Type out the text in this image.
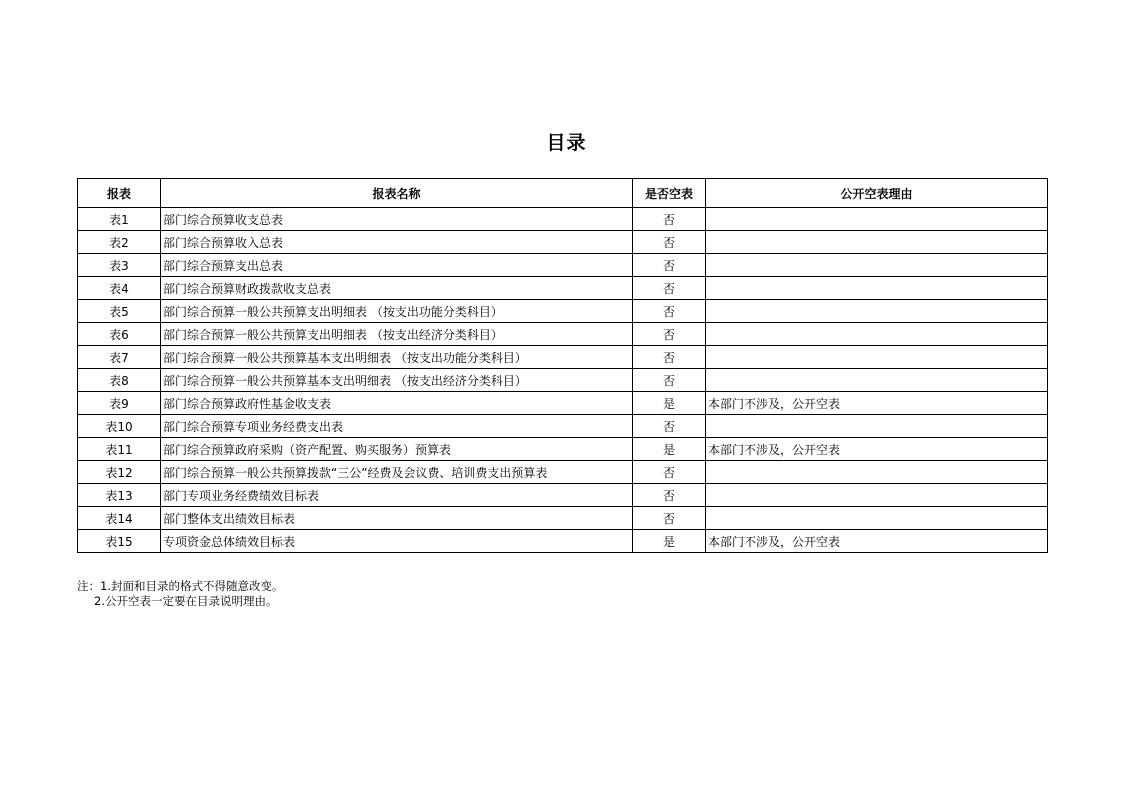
目录
报表	报表名称	是否空表	公开空表理由
表1	部门综合预算收支总表	否	
表2	部门综合预算收入总表	否	
表3	部门综合预算支出总表	否	
表4	部门综合预算财政拨款收支总表	否	
表5	部门综合预算一般公共预算支出明细表 （按支出功能分类科目）	否	
表6	部门综合预算一般公共预算支出明细表 （按支出经济分类科目）	否	
表7	部门综合预算一般公共预算基本支出明细表 （按支出功能分类科目）	否	
表8	部门综合预算一般公共预算基本支出明细表 （按支出经济分类科目）	否	
表9	部门综合预算政府性基金收支表	是	本部门不涉及，公开空表
表10	部门综合预算专项业务经费支出表	否	
表11	部门综合预算政府采购（资产配置、购买服务）预算表	是	本部门不涉及，公开空表
表12	部门综合预算一般公共预算拨款“三公”经费及会议费、培训费支出预算表	否	
表13	部门专项业务经费绩效目标表	否	
表14	部门整体支出绩效目标表	否	
表15	专项资金总体绩效目标表	是	本部门不涉及，公开空表
注：1.封面和目录的格式不得随意改变。
2.公开空表一定要在目录说明理由。
